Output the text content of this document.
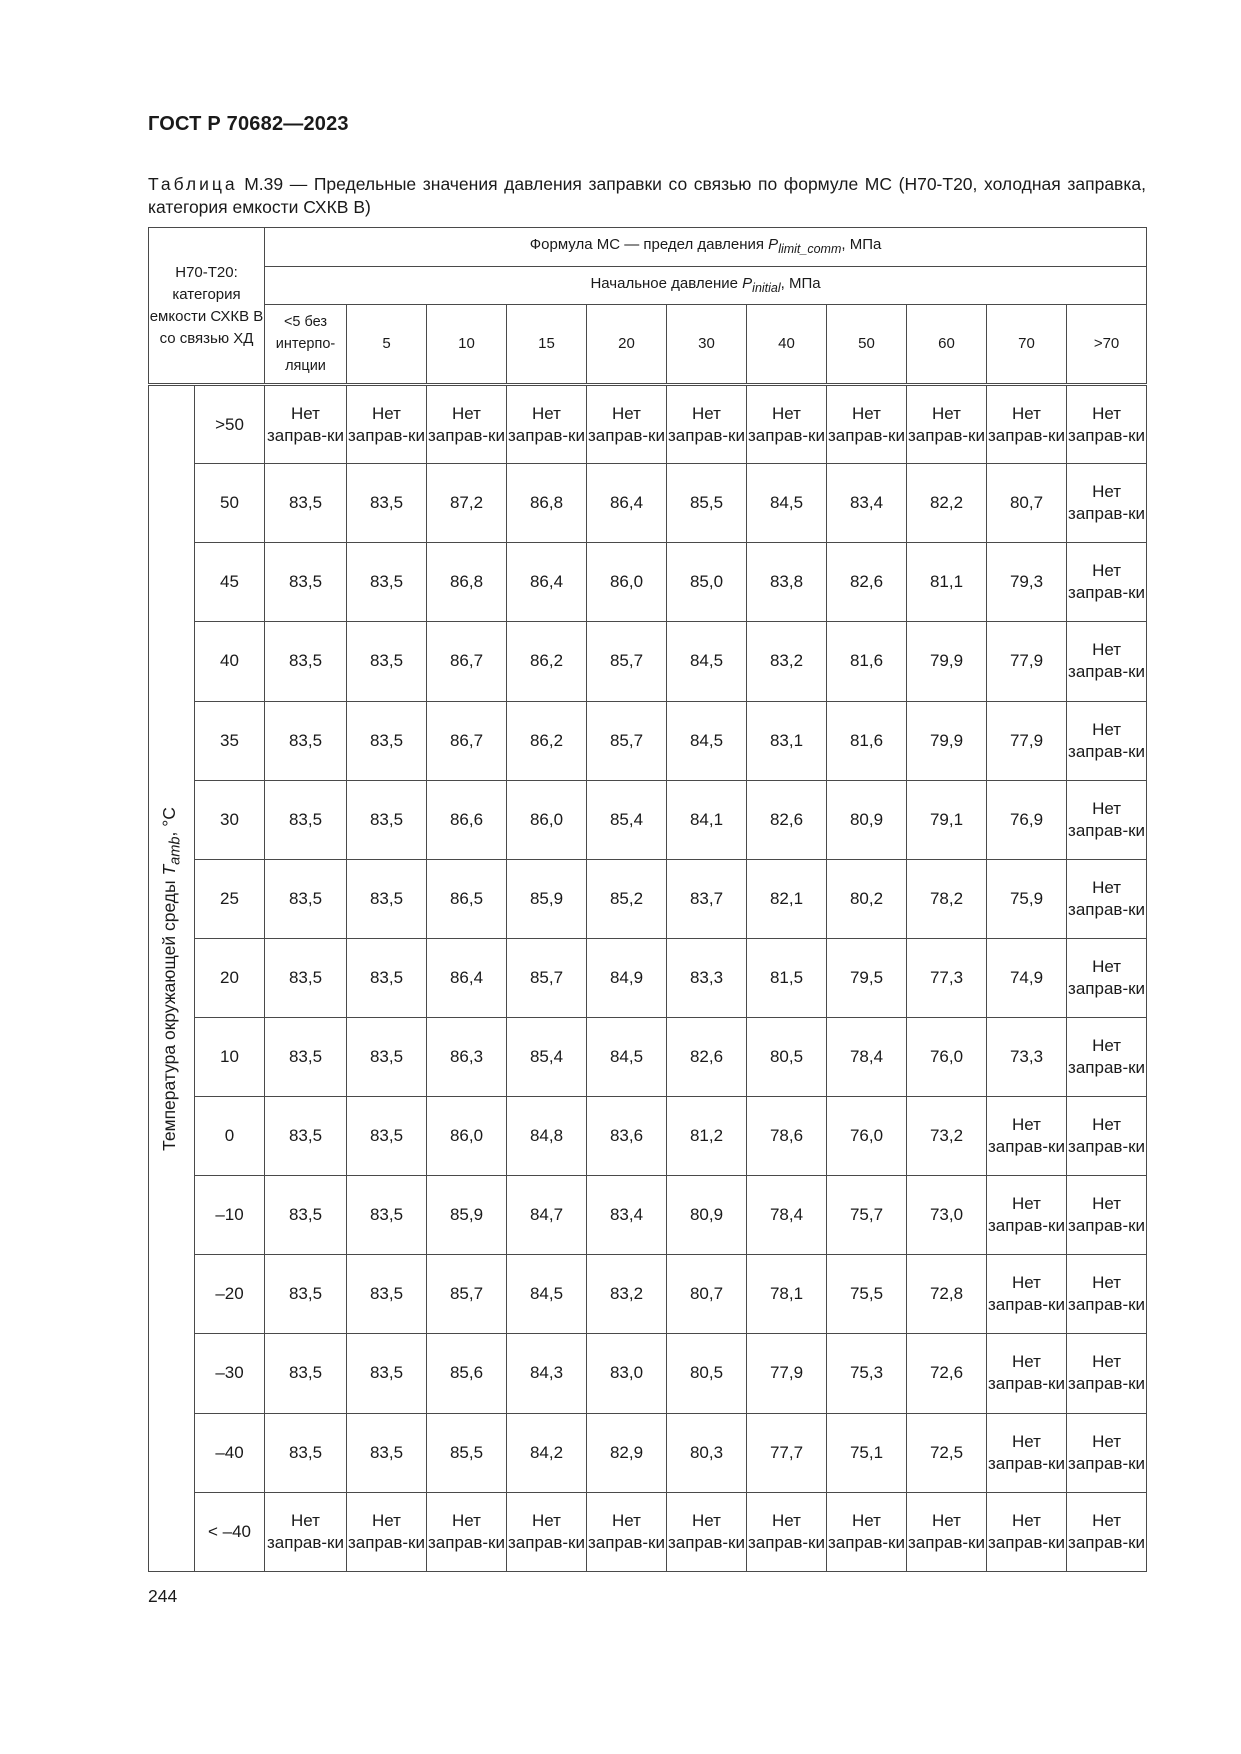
ГОСТ Р 70682—2023
Таблица М.39 — Предельные значения давления заправки со связью по формуле МС (Н70-Т20, холодная заправка, категория емкости СХКВ В)
Н70-Т20: категория емкости СХКВ В со связью ХД		Формула МС — предел давления $P_{limit\_comm}$, МПа										
		Начальное давление $P_{initial}$, МПа										
		<5 без интерпо-ляции	5	10	15	20	30	40	50	60	70	>70

Температура окружающей среды $T_{amb}$, °C	>50	Нет заправ-ки	Нет заправ-ки	Нет заправ-ки	Нет заправ-ки	Нет заправ-ки	Нет заправ-ки	Нет заправ-ки	Нет заправ-ки	Нет заправ-ки	Нет заправ-ки	Нет заправ-ки
	50	83,5	83,5	87,2	86,8	86,4	85,5	84,5	83,4	82,2	80,7	Нет заправ-ки
	45	83,5	83,5	86,8	86,4	86,0	85,0	83,8	82,6	81,1	79,3	Нет заправ-ки
	40	83,5	83,5	86,7	86,2	85,7	84,5	83,2	81,6	79,9	77,9	Нет заправ-ки
	35	83,5	83,5	86,7	86,2	85,7	84,5	83,1	81,6	79,9	77,9	Нет заправ-ки
	30	83,5	83,5	86,6	86,0	85,4	84,1	82,6	80,9	79,1	76,9	Нет заправ-ки
	25	83,5	83,5	86,5	85,9	85,2	83,7	82,1	80,2	78,2	75,9	Нет заправ-ки
	20	83,5	83,5	86,4	85,7	84,9	83,3	81,5	79,5	77,3	74,9	Нет заправ-ки
	10	83,5	83,5	86,3	85,4	84,5	82,6	80,5	78,4	76,0	73,3	Нет заправ-ки
	0	83,5	83,5	86,0	84,8	83,6	81,2	78,6	76,0	73,2	Нет заправ-ки	Нет заправ-ки
	–10	83,5	83,5	85,9	84,7	83,4	80,9	78,4	75,7	73,0	Нет заправ-ки	Нет заправ-ки
	–20	83,5	83,5	85,7	84,5	83,2	80,7	78,1	75,5	72,8	Нет заправ-ки	Нет заправ-ки
	–30	83,5	83,5	85,6	84,3	83,0	80,5	77,9	75,3	72,6	Нет заправ-ки	Нет заправ-ки
	–40	83,5	83,5	85,5	84,2	82,9	80,3	77,7	75,1	72,5	Нет заправ-ки	Нет заправ-ки
	< –40	Нет заправ-ки	Нет заправ-ки	Нет заправ-ки	Нет заправ-ки	Нет заправ-ки	Нет заправ-ки	Нет заправ-ки	Нет заправ-ки	Нет заправ-ки	Нет заправ-ки	Нет заправ-ки
244
